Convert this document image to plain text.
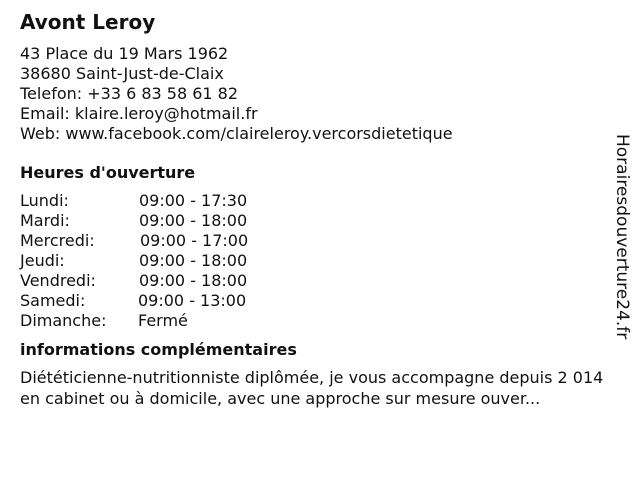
Avont Leroy
43 Place du 19 Mars 1962
38680 Saint-Just-de-Claix
Telefon: +33 6 83 58 61 82
Email: klaire.leroy@hotmail.fr
Web: www.facebook.com/claireleroy.vercorsdietetique
Heures d'ouverture
Lundi:	09:00 - 17:30
Mardi:	09:00 - 18:00
Mercredi:	09:00 - 17:00
Jeudi:	09:00 - 18:00
Vendredi:	09:00 - 18:00
Samedi:	09:00 - 13:00
Dimanche: Fermé
informations complémentaires
Diététicienne-nutritionniste diplômée, je vous accompagne depuis 2 014 en cabinet ou à domicile, avec une approche sur mesure ouver...
Horairesdouverture24.fr
